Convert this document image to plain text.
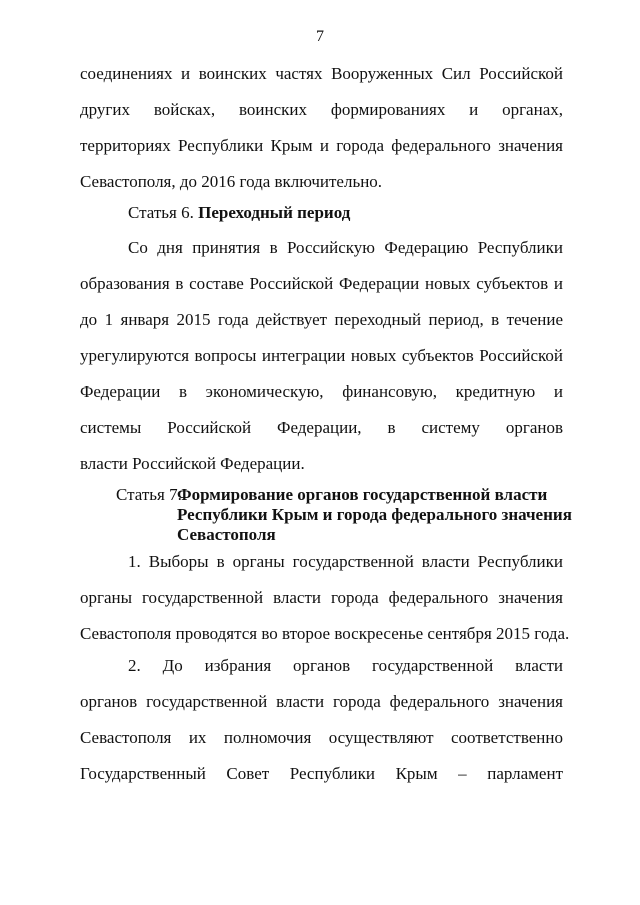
7
соединениях и воинских частях Вооруженных Сил Российской
других войсках, воинских формированиях и органах,
территориях Республики Крым и города федерального значения
Севастополя, до 2016 года включительно.
Статья 6. Переходный период
Со дня принятия в Российскую Федерацию Республики
образования в составе Российской Федерации новых субъектов и
до 1 января 2015 года действует переходный период, в течение
урегулируются вопросы интеграции новых субъектов Российской
Федерации в экономическую, финансовую, кредитную и
системы Российской Федерации, в систему органов
власти Российской Федерации.
Статья 7.
Формирование органов государственной власти
Республики Крым и города федерального значения
Севастополя
1. Выборы в органы государственной власти Республики
органы государственной власти города федерального значения
Севастополя проводятся во второе воскресенье сентября 2015 года.
2. До избрания органов государственной власти
органов государственной власти города федерального значения
Севастополя их полномочия осуществляют соответственно
Государственный Совет Республики Крым – парламент
